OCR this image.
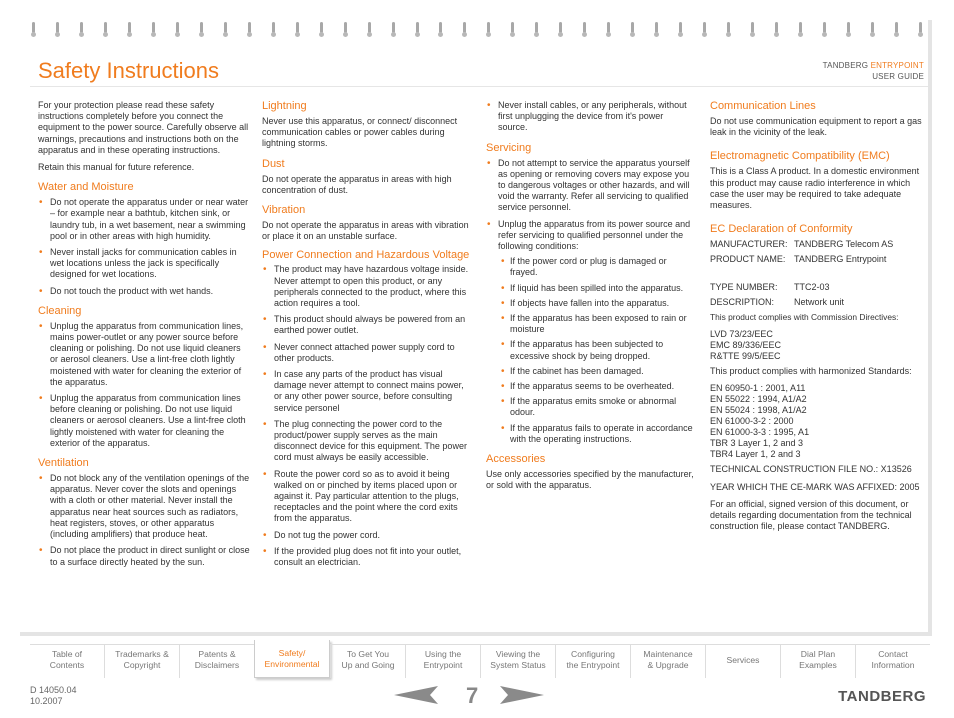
Safety Instructions	TANDBERG ENTRYPOINT
USER GUIDE

For your protection please read these safety instructions completely before you connect the equipment to the power source. Carefully observe all warnings, precautions and instructions both on the apparatus and in these operating instructions.

Retain this manual for future reference.

Water and Moisture
• Do not operate the apparatus under or near water – for example near a bathtub, kitchen sink, or laundry tub, in a wet basement, near a swimming pool or in other areas with high humidity.
• Never install jacks for communication cables in wet locations unless the jack is specifically designed for wet locations.
• Do not touch the product with wet hands.
Cleaning
• Unplug the apparatus from communication lines, mains power-outlet or any power source before cleaning or polishing. Do not use liquid cleaners or aerosol cleaners. Use a lint-free cloth lightly moistened with water for cleaning the exterior of the apparatus.
• Unplug the apparatus from communication lines before cleaning or polishing. Do not use liquid cleaners or aerosol cleaners. Use a lint-free cloth lightly moistened with water for cleaning the exterior of the apparatus.
Ventilation
• Do not block any of the ventilation openings of the apparatus. Never cover the slots and openings with a cloth or other material. Never install the apparatus near heat sources such as radiators, heat registers, stoves, or other apparatus (including amplifiers) that produce heat.
• Do not place the product in direct sunlight or close to a surface directly heated by the sun.
Lightning

Never use this apparatus, or connect/ disconnect communication cables or power cables during lightning storms.

Dust

Do not operate the apparatus in areas with high concentration of dust.

Vibration

Do not operate the apparatus in areas with vibration or place it on an unstable surface.

Power Connection and Hazardous Voltage
• The product may have hazardous voltage inside. Never attempt to open this product, or any peripherals connected to the product, where this action requires a tool.
• This product should always be powered from an earthed power outlet.
• Never connect attached power supply cord to other products.
• In case any parts of the product has visual damage never attempt to connect mains power, or any other power source, before consulting service personel
• The plug connecting the power cord to the product/power supply serves as the main disconnect device for this equipment. The power cord must always be easily accessible.
• Route the power cord so as to avoid it being walked on or pinched by items placed upon or against it. Pay particular attention to the plugs, receptacles and the point where the cord exits from the apparatus.
• Do not tug the power cord.
• If the provided plug does not fit into your outlet, consult an electrician.
• Never install cables, or any peripherals, without first unplugging the device from it's power source.
Servicing
• Do not attempt to service the apparatus yourself as opening or removing covers may expose you to dangerous voltages or other hazards, and will void the warranty. Refer all servicing to qualified service personnel.
• Unplug the apparatus from its power source and refer servicing to qualified personnel under the following conditions:
• If the power cord or plug is damaged or frayed.
• If liquid has been spilled into the apparatus.
• If objects have fallen into the apparatus.
• If the apparatus has been exposed to rain or moisture
• If the apparatus has been subjected to excessive shock by being dropped.
• If the cabinet has been damaged.
• If the apparatus seems to be overheated.
• If the apparatus emits smoke or abnormal odour.
• If the apparatus fails to operate in accordance with the operating instructions.
Accessories

Use only accessories specified by the manufacturer, or sold with the apparatus.

Communication Lines

Do not use communication equipment to report a gas leak in the vicinity of the leak.

Electromagnetic Compatibility (EMC)

This is a Class A product. In a domestic environment this product may cause radio interference in which case the user may be required to take adequate measures.

EC Declaration of Conformity
MANUFACTURER: TANDBERG Telecom AS
PRODUCT NAME: TANDBERG Entrypoint
TYPE NUMBER:	TTC2-03
DESCRIPTION:	Network unit

This product complies with Commission Directives:

LVD 73/23/EEC
EMC 89/336/EEC
R&TTE 99/5/EEC

This product complies with harmonized Standards:

EN 60950-1 : 2001, A11
EN 55022 : 1994, A1/A2
EN 55024 : 1998, A1/A2
EN 61000-3-2 : 2000
EN 61000-3-3 : 1995, A1
TBR 3 Layer 1, 2 and 3
TBR4 Layer 1, 2 and 3

TECHNICAL CONSTRUCTION FILE NO.: X13526

YEAR WHICH THE CE-MARK WAS AFFIXED: 2005

For an official, signed version of this document, or details regarding documentation from the technical construction file, please contact TANDBERG.

Table of
Contents
Trademarks &
Copyright
Patents &
Disclaimers
Safety/
Environmental
To Get You
Up and Going
Using the
Entrypoint
Viewing the
System Status
Configuring
the Entrypoint
Maintenance
& Upgrade	Services
Dial Plan
Examples
Contact
Information
D 14050.04
10.2007	7	TANDBERG
